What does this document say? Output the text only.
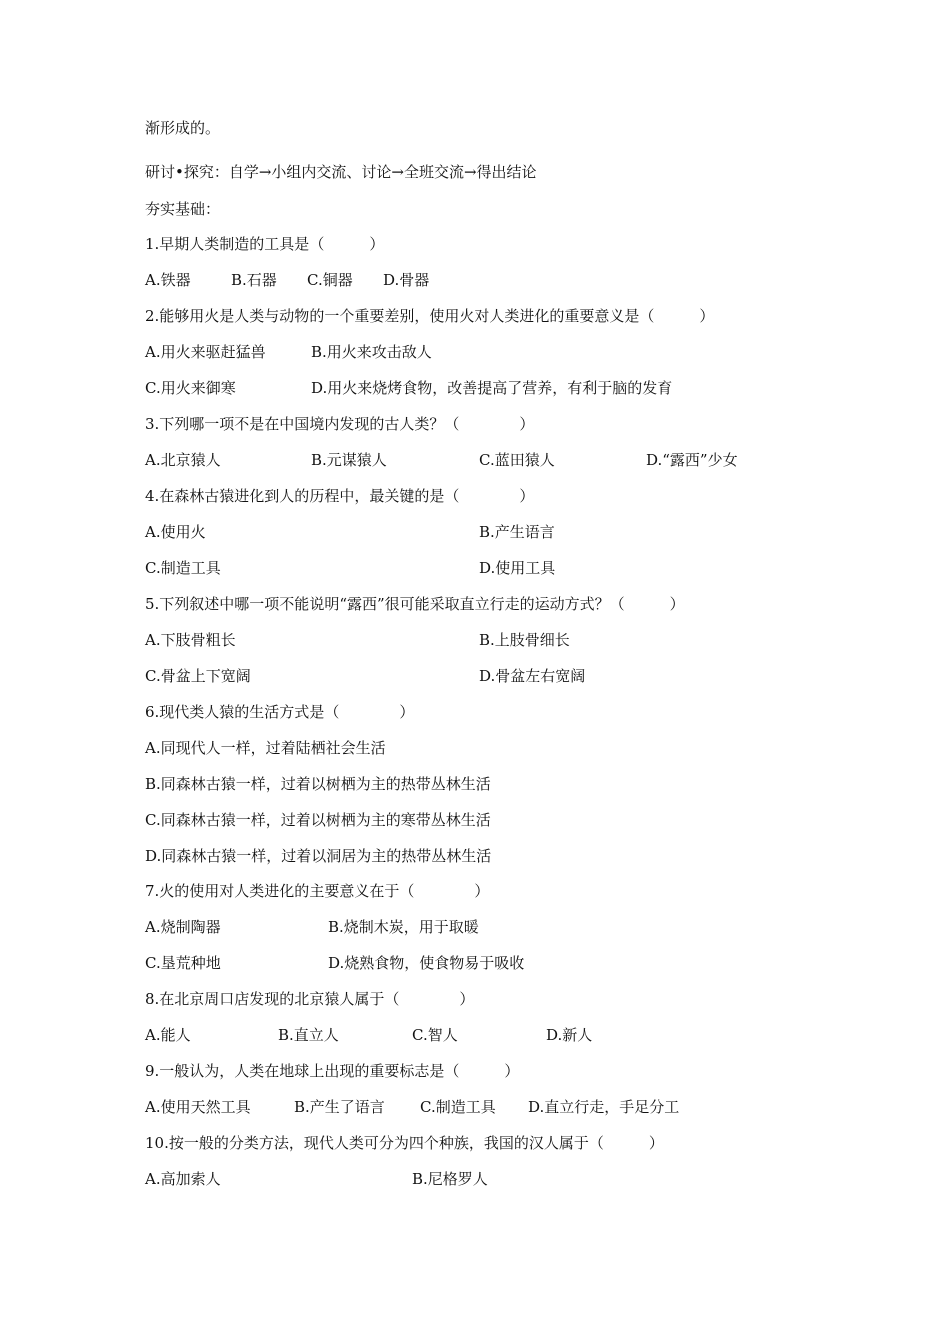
渐形成的。
研讨•探究：自学→小组内交流、讨论→全班交流→得出结论
夯实基础：
1.早期人类制造的工具是（　　　）
A.铁器	B.石器 C.铜器 D.骨器
2.能够用火是人类与动物的一个重要差别，使用火对人类进化的重要意义是（　　　）
A.用火来驱赶猛兽	B.用火来攻击敌人
C.用火来御寒	D.用火来烧烤食物，改善提高了营养，有利于脑的发育
3.下列哪一项不是在中国境内发现的古人类？（　　　　）
A.北京猿人	B.元谋猿人	C.蓝田猿人	D.“露西”少女
4.在森林古猿进化到人的历程中，最关键的是（　　　　）
A.使用火	B.产生语言
C.制造工具	D.使用工具
5.下列叙述中哪一项不能说明“露西”很可能采取直立行走的运动方式？（　　　）
A.下肢骨粗长	B.上肢骨细长
C.骨盆上下宽阔	D.骨盆左右宽阔
6.现代类人猿的生活方式是（　　　　）
A.同现代人一样，过着陆栖社会生活
B.同森林古猿一样，过着以树栖为主的热带丛林生活
C.同森林古猿一样，过着以树栖为主的寒带丛林生活
D.同森林古猿一样，过着以洞居为主的热带丛林生活
7.火的使用对人类进化的主要意义在于（　　　　）
A.烧制陶器	B.烧制木炭，用于取暖
C.垦荒种地	D.烧熟食物，使食物易于吸收
8.在北京周口店发现的北京猿人属于（　　　　）
A.能人	B.直立人	C.智人	D.新人
9.一般认为，人类在地球上出现的重要标志是（　　　）
A.使用天然工具	B.产生了语言 C.制造工具 D.直立行走，手足分工
10.按一般的分类方法，现代人类可分为四个种族，我国的汉人属于（　　　）
A.高加索人	B.尼格罗人
